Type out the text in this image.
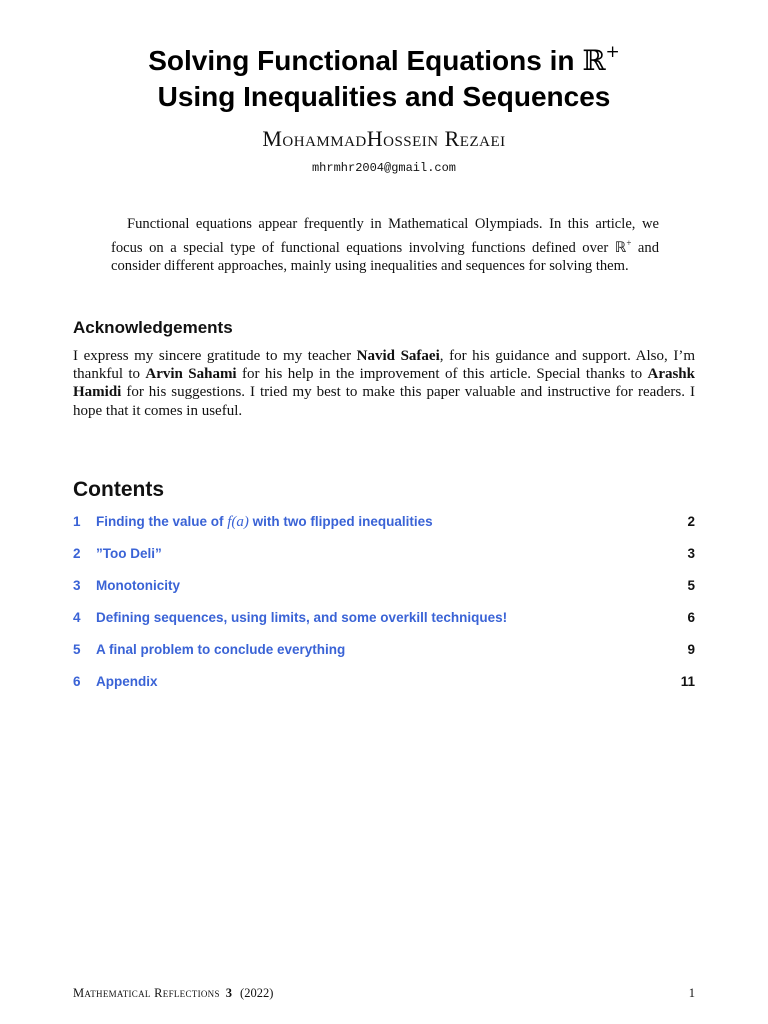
Solving Functional Equations in ℝ+
Using Inequalities and Sequences
MohammadHossein Rezaei
mhrmhr2004@gmail.com

Functional equations appear frequently in Mathematical Olympiads. In this article, we focus on a special type of functional equations involving functions defined over ℝ+ and consider different approaches, mainly using inequalities and sequences for solving them.

Acknowledgements

I express my sincere gratitude to my teacher Navid Safaei, for his guidance and support. Also, I’m thankful to Arvin Sahami for his help in the improvement of this article. Special thanks to Arashk Hamidi for his suggestions. I tried my best to make this paper valuable and instructive for readers. I hope that it comes in useful.

Contents
1	Finding the value of f(a) with two flipped inequalities	2
2	”Too Deli”	3
3	Monotonicity	5
4	Defining sequences, using limits, and some overkill techniques!	6
5	A final problem to conclude everything	9
6	Appendix	11
Mathematical Reflections 3 (2022)	1
